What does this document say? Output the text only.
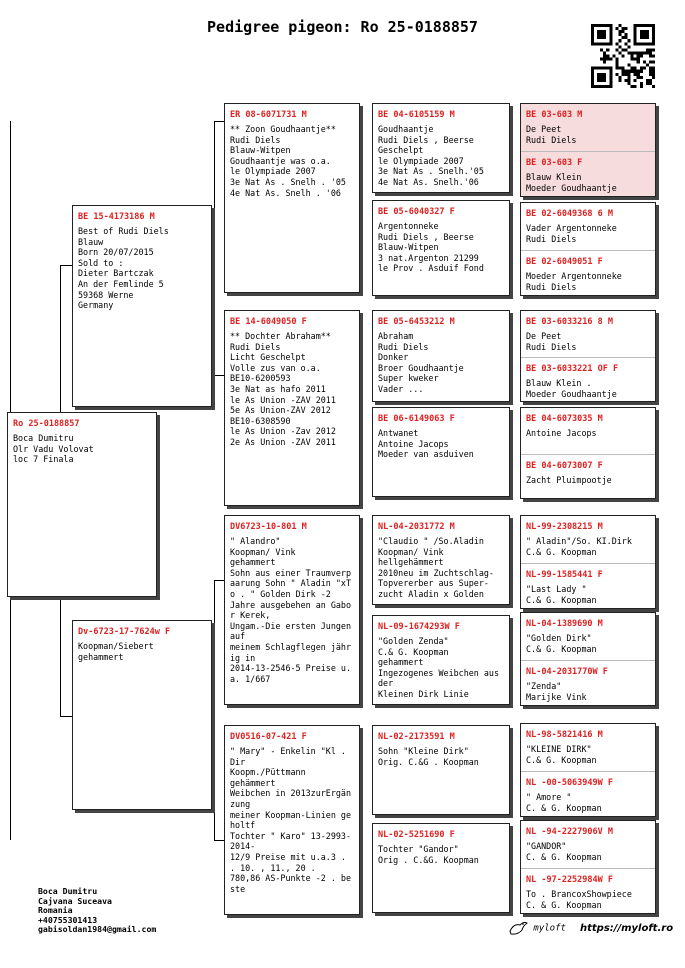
Pedigree pigeon: Ro 25-0188857
Ro 25-0188857
Boca Dumitru
Olr Vadu Volovat
loc 7 Finala
BE 15-4173186 M
Best of Rudi Diels
Blauw
Born 20/07/2015
Sold to :
Dieter Bartczak
An der Femlinde 5
59368 Werne
Germany
Dv-6723-17-7624w F
Koopman/Siebert
gehammert
ER 08-6071731 M
** Zoon Goudhaantje**
Rudi Diels
Blauw-Witpen
Goudhaantje was o.a.
le Olympiade 2007
3e Nat As . Snelh . '05
4e Nat As. Snelh . '06
BE 14-6049050 F
** Dochter Abraham**
Rudi Diels
Licht Geschelpt
Volle zus van o.a.
BE10-6200593
3e Nat as hafo 2011
le As Union -ZAV 2011
5e As Union-ZAV 2012
BE10-6308590
le As Union -Zav 2012
2e As Union -ZAV 2011
DV6723-10-801 M
" Alandro"
Koopman/ Vink
gehammert
Sohn aus einer Traumverp
aarung Sohn " Aladin "xT
o . " Golden Dirk -2
Jahre ausgebehen an Gabo
r Kerek,
Ungam.-Die ersten Jungen
auf
meinem Schlagflegen jähr
ig in
2014-13-2546-5 Preise u.
a. 1/667
DV0516-07-421 F
" Mary" - Enkelin "Kl .
Dir
Koopm./Püttmann
gehämmert
Weibchen in 2013zurErgän
zung
meiner Koopman-Linien ge
holtf
Tochter " Karo" 13-2993-
2014-
12/9 Preise mit u.a.3 .
. 10. , 11., 20 .
780,86 AS-Punkte -2 . be
ste
BE 04-6105159 M
Goudhaantje
Rudi Diels , Beerse
Geschelpt
le Olympiade 2007
3e Nat As . Snelh.'05
4e Nat As. Snelh.'06
BE 05-6040327 F
Argentonneke
Rudi Diels , Beerse
Blauw-Witpen
3 nat.Argenton 21299
le Prov . Asduif Fond
BE 05-6453212 M
Abraham
Rudi Diels
Donker
Broer Goudhaantje
Super kweker
Vader ...
BE 06-6149063 F
Antwanet
Antoine Jacops
Moeder van asduiven
NL-04-2031772 M
"Claudio " /So.Aladin
Koopman/ Vink
hellgehämmert
2010neu im Zuchtschlag-
Topvererber aus Super-
zucht Aladin x Golden
NL-09-1674293W F
"Golden Zenda"
C.& G. Koopman
gehammert
Ingezogenes Weibchen aus
der
Kleinen Dirk Linie
NL-02-2173591 M
Sohn "Kleine Dirk"
Orig. C.&G . Koopman
NL-02-5251690 F
Tochter "Gandor"
Orig . C.&G. Koopman
BE 03-603 M
De Peet
Rudi Diels
BE 03-603 F
Blauw Klein
Moeder Goudhaantje
BE 02-6049368 6 M
Vader Argentonneke
Rudi Diels
BE 02-6049051 F
Moeder Argentonneke
Rudi Diels
BE 03-6033216 8 M
De Peet
Rudi Diels
BE 03-6033221 OF F
Blauw Klein .
Moeder Goudhaantje
BE 04-6073035 M
Antoine Jacops
BE 04-6073007 F
Zacht Pluimpootje
NL-99-2308215 M
" Aladin"/So. KI.Dirk
C.& G. Koopman
NL-99-1585441 F
"Last Lady "
C.& G. Koopman
NL-04-1389690 M
"Golden Dirk"
C.& G. Koopman
NL-04-2031770W F
"Zenda"
Marijke Vink
NL-98-5821416 M
"KLEINE DIRK"
C.& G. Koopman
NL -00-5063949W F
" Amore "
C. & G. Koopman
NL -94-2227906V M
"GANDOR"
C. & G. Koopman
NL -97-2252984W F
To . BrancoxShowpiece
C. & G. Koopman
Boca Dumitru
Cajvana Suceava
Romania
+40755301413
gabisoldan1984@gmail.com	myloft https://myloft.ro
